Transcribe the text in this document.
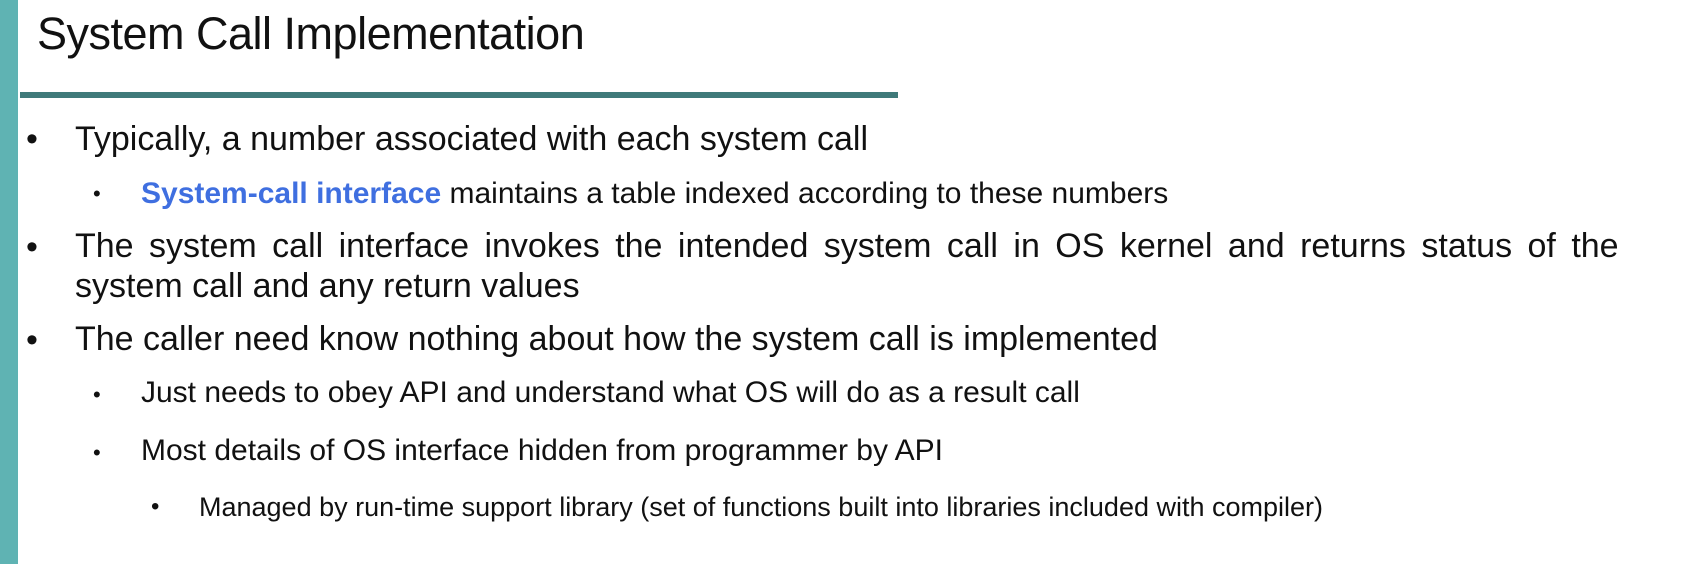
System Call Implementation
• Typically, a number associated with each system call
• System-call interface maintains a table indexed according to these numbers
• The system call interface invokes the intended system call in OS kernel and returns status of the
system call and any return values
• The caller need know nothing about how the system call is implemented
• Just needs to obey API and understand what OS will do as a result call
• Most details of OS interface hidden from programmer by API
• Managed by run-time support library (set of functions built into libraries included with compiler)
